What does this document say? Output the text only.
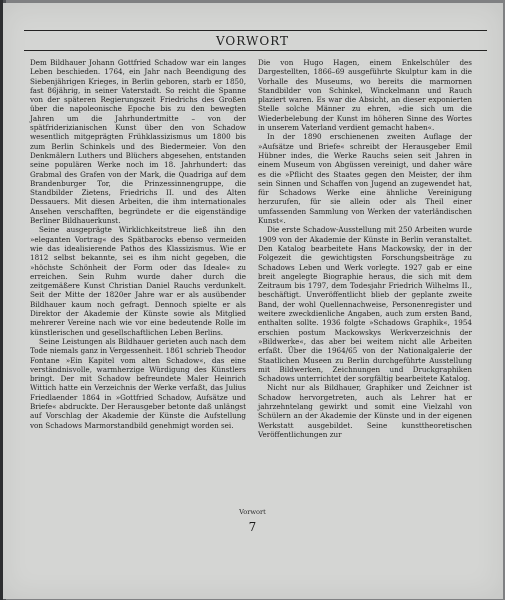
VORWORT

Dem Bildhauer Johann Gottfried Schadow war ein langes Leben beschieden. 1764, ein Jahr nach Beendigung des Siebenjährigen Krieges, in Berlin geboren, starb er 1850, fast 86jährig, in seiner Vaterstadt. So reicht die Spanne von der späteren Regierungszeit Friedrichs des Großen über die napoleonische Epoche bis zu den bewegten Jahren um die Jahrhundertmitte – von der spätfriderizianischen Kunst über den von Schadow wesentlich mitgeprägten Frühklassizismus um 1800 bis zum Berlin Schinkels und des Biedermeier. Von den Denkmälern Luthers und Blüchers abgesehen, entstanden seine populären Werke noch im 18. Jahrhundert: das Grabmal des Grafen von der Mark, die Quadriga auf dem Brandenburger Tor, die Prinzessinnengruppe, die Standbilder Zietens, Friedrichs II. und des Alten Dessauers. Mit diesen Arbeiten, die ihm internationales Ansehen verschafften, begründete er die eigenständige Berliner Bildhauerkunst.

Seine ausgeprägte Wirklichkeitstreue ließ ihn den »eleganten Vortrag« des Spätbarocks ebenso vermeiden wie das idealisierende Pathos des Klassizismus. Wie er 1812 selbst bekannte, sei es ihm nicht gegeben, die »höchste Schönheit der Form oder das Ideale« zu erreichen. Sein Ruhm wurde daher durch die zeitgemäßere Kunst Christian Daniel Rauchs verdunkelt. Seit der Mitte der 1820er Jahre war er als ausübender Bildhauer kaum noch gefragt. Dennoch spielte er als Direktor der Akademie der Künste sowie als Mitglied mehrerer Vereine nach wie vor eine bedeutende Rolle im künstlerischen und gesellschaftlichen Leben Berlins.

Seine Leistungen als Bildhauer gerieten auch nach dem Tode niemals ganz in Vergessenheit. 1861 schrieb Theodor Fontane »Ein Kapitel vom alten Schadow«, das eine verständnisvolle, warmherzige Würdigung des Künstlers bringt. Der mit Schadow befreundete Maler Heinrich Wittich hatte ein Verzeichnis der Werke verfaßt, das Julius Friedlaender 1864 in »Gottfried Schadow, Aufsätze und Briefe« abdruckte. Der Herausgeber betonte daß unlängst auf Vorschlag der Akademie der Künste die Aufstellung von Schadows Marmorstandbild genehmigt worden sei.

Die von Hugo Hagen, einem Enkelschüler des Dargestellten, 1866–69 ausgeführte Skulptur kam in die Vorhalle des Museums, wo bereits die marmornen Standbilder von Schinkel, Winckelmann und Rauch plaziert waren. Es war die Absicht, an dieser exponierten Stelle solche Männer zu ehren, »die sich um die Wiederbelebung der Kunst im höheren Sinne des Wortes in unserem Vaterland verdient gemacht haben«.

In der 1890 erschienenen zweiten Auflage der »Aufsätze und Briefe« schreibt der Herausgeber Emil Hübner indes, die Werke Rauchs seien seit Jahren in einem Museum von Abgüssen vereinigt, und daher wäre es die »Pflicht des Staates gegen den Meister, der ihm sein Sinnen und Schaffen von Jugend an zugewendet hat, für Schadows Werke eine ähnliche Vereinigung herzurufen, für sie allein oder als Theil einer umfassenden Sammlung von Werken der vaterländischen Kunst«.

Die erste Schadow-Ausstellung mit 250 Arbeiten wurde 1909 von der Akademie der Künste in Berlin veranstaltet. Den Katalog bearbeitete Hans Mackowsky, der in der Folgezeit die gewichtigsten Forschungsbeiträge zu Schadows Leben und Werk vorlegte. 1927 gab er eine breit angelegte Biographie heraus, die sich mit dem Zeitraum bis 1797, dem Todesjahr Friedrich Wilhelms II., beschäftigt. Unveröffentlicht blieb der geplante zweite Band, der wohl Quellennachweise, Personenregister und weitere zweckdienliche Angaben, auch zum ersten Band, enthalten sollte. 1936 folgte »Schadows Graphik«, 1954 erschien postum Mackowskys Werkverzeichnis der »Bildwerke«, das aber bei weitem nicht alle Arbeiten erfaßt. Über die 1964/65 von der Nationalgalerie der Staatlichen Museen zu Berlin durchgeführte Ausstellung mit Bildwerken, Zeichnungen und Druckgraphiken Schadows unterrichtet der sorgfältig bearbeitete Katalog.

Nicht nur als Bildhauer, Graphiker und Zeichner ist Schadow hervorgetreten, auch als Lehrer hat er jahrzehntelang gewirkt und somit eine Vielzahl von Schülern an der Akademie der Künste und in der eigenen Werkstatt ausgebildet. Seine kunsttheoretischen Veröffentlichungen zur

Vorwort
7
